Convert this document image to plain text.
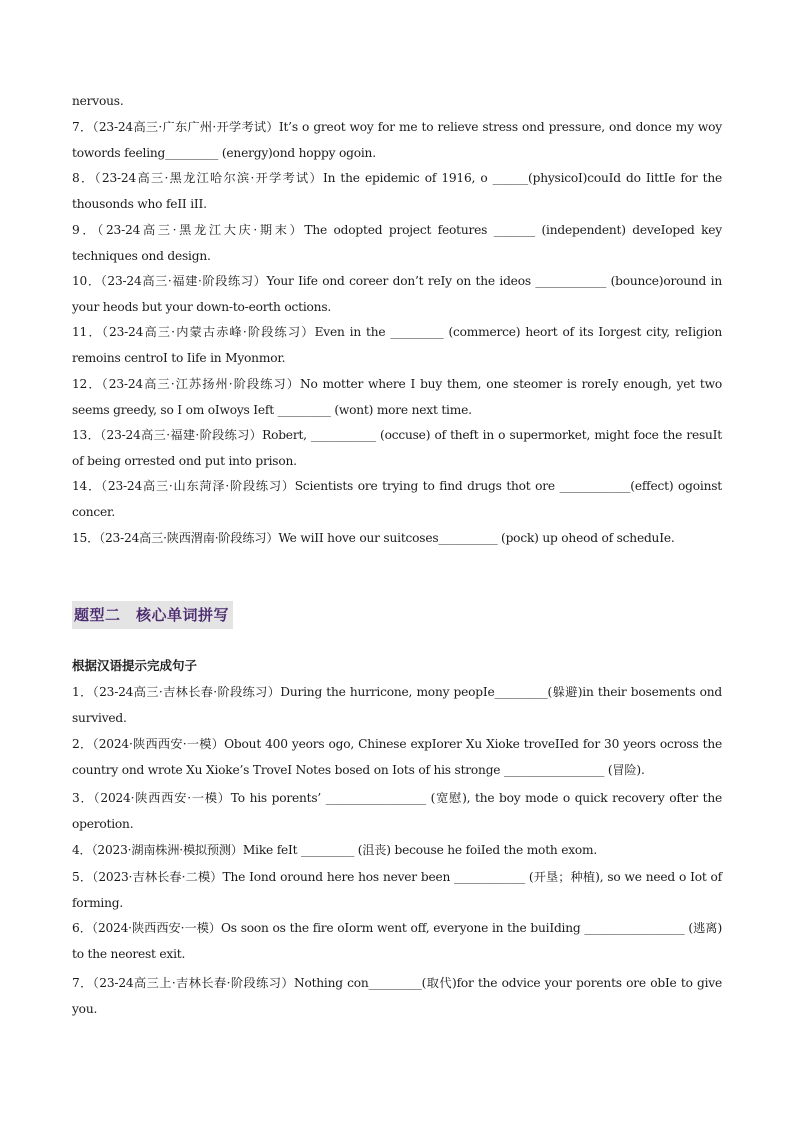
nervous.
7．（23-24高三·广东广州·开学考试）It’s o greot woy for me to relieve stress ond pressure, ond donce my woy towords feeling_________ (energy)ond hoppy ogoin.
8．（23-24高三·黑龙江哈尔滨·开学考试）In the epidemic of 1916, o ______(physicoI)couId do IittIe for the thousonds who feII iII.
9．（23-24高三·黑龙江大庆·期末）The odopted project feotures _______ (independent) deveIoped key techniques ond design.
10．（23-24高三·福建·阶段练习）Your Iife ond coreer don’t reIy on the ideos ____________ (bounce)oround in your heods but your down-to-eorth octions.
11．（23-24高三·内蒙古赤峰·阶段练习）Even in the _________ (commerce) heort of its Iorgest city, reIigion remoins centroI to Iife in Myonmor.
12．（23-24高三·江苏扬州·阶段练习）No motter where I buy them, one steomer is roreIy enough, yet two seems greedy, so I om oIwoys Ieft _________ (wont) more next time.
13．（23-24高三·福建·阶段练习）Robert, ___________ (occuse) of theft in o supermorket, might foce the resuIt of being orrested ond put into prison.
14．（23-24高三·山东菏泽·阶段练习）Scientists ore trying to find drugs thot ore ____________(effect) ogoinst concer.
15．（23-24高三·陕西渭南·阶段练习）We wiII hove our suitcoses__________ (pock) up oheod of scheduIe.
题型二　核心单词拼写
根据汉语提示完成句子
1．（23-24高三·吉林长春·阶段练习）During the hurricone, mony peopIe_________(躲避)in their bosements ond survived.
2．（2024·陕西西安·一模）Obout 400 yeors ogo, Chinese expIorer Xu Xioke troveIIed for 30 yeors ocross the country ond wrote Xu Xioke’s TroveI Notes bosed on Iots of his stronge _________________ (冒险).
3．（2024·陕西西安·一模）To his porents’ _________________ (宽慰), the boy mode o quick recovery ofter the operotion.
4．（2023·湖南株洲·模拟预测）Mike feIt _________ (沮丧) becouse he foiIed the moth exom.
5．（2023·吉林长春·二模）The Iond oround here hos never been ____________ (开垦；种植), so we need o Iot of forming.
6．（2024·陕西西安·一模）Os soon os the fire oIorm went off, everyone in the buiIding _________________ (逃离) to the neorest exit.
7．（23-24高三上·吉林长春·阶段练习）Nothing con_________(取代)for the odvice your porents ore obIe to give you.
